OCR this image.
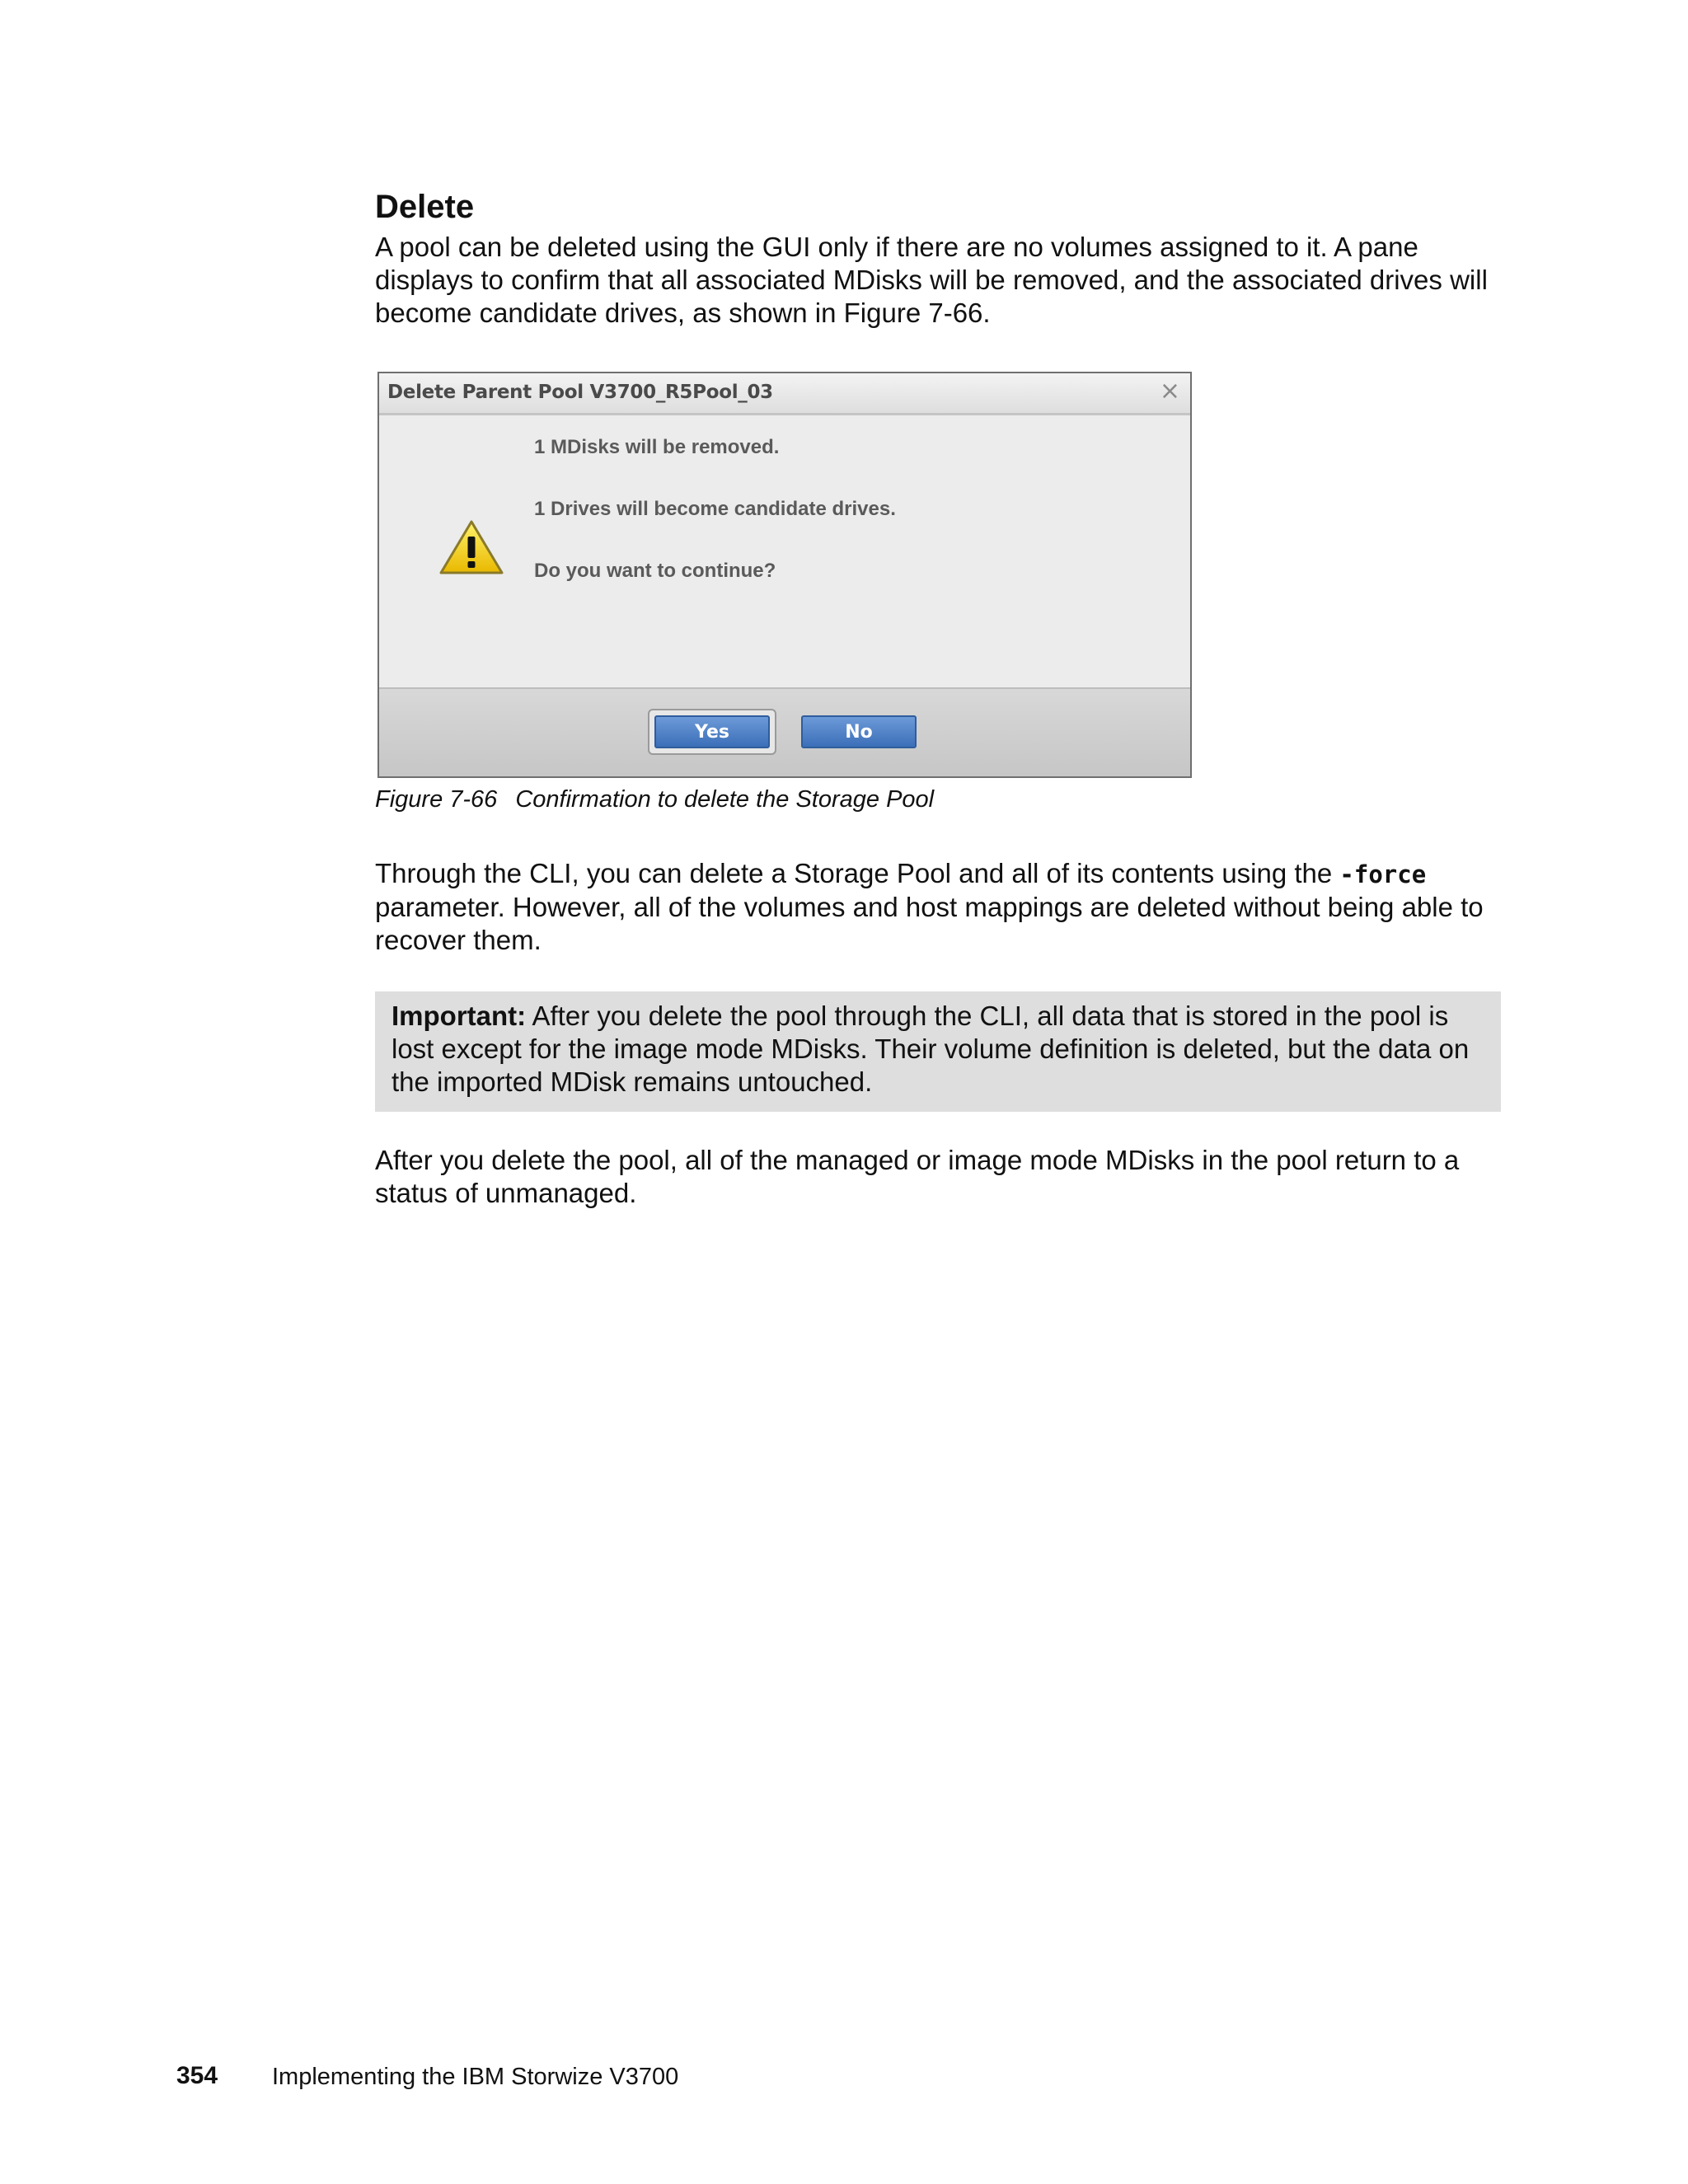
Delete

A pool can be deleted using the GUI only if there are no volumes assigned to it. A pane displays to confirm that all associated MDisks will be removed, and the associated drives will become candidate drives, as shown in Figure 7-66.

Delete Parent Pool V3700_R5Pool_03	×
Yes	No

1 MDisks will be removed.

1 Drives will become candidate drives.

Do you want to continue?

Figure 7-66 Confirmation to delete the Storage Pool

Through the CLI, you can delete a Storage Pool and all of its contents using the -force parameter. However, all of the volumes and host mappings are deleted without being able to recover them.

Important: After you delete the pool through the CLI, all data that is stored in the pool is lost except for the image mode MDisks. Their volume definition is deleted, but the data on the imported MDisk remains untouched.

After you delete the pool, all of the managed or image mode MDisks in the pool return to a status of unmanaged.

354 Implementing the IBM Storwize V3700
